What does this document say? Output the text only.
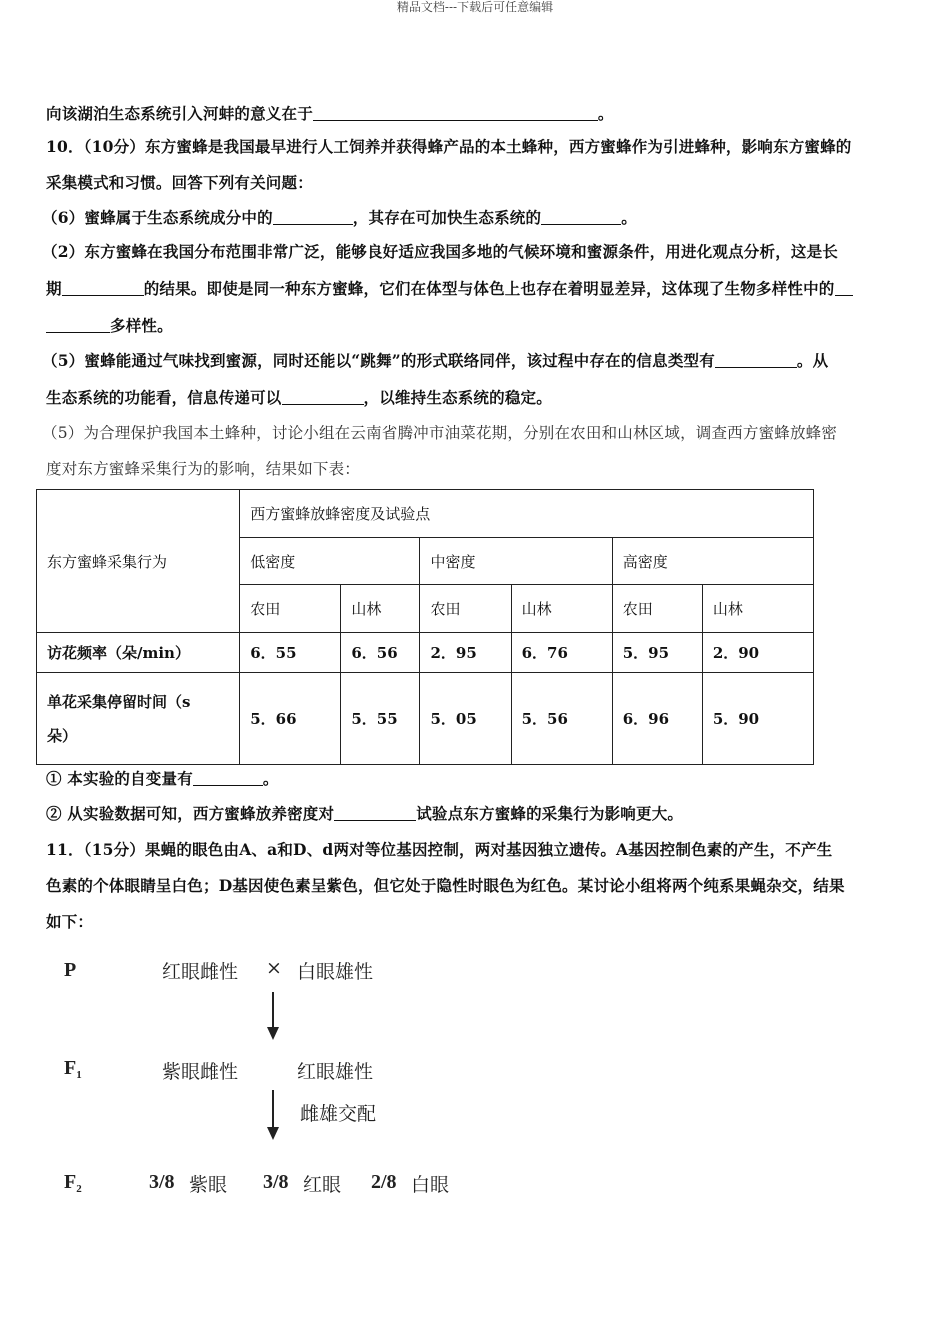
精品文档---下载后可任意编辑
向该湖泊生态系统引入河蚌的意义在于	。
10．（10分）东方蜜蜂是我国最早进行人工饲养并获得蜂产品的本土蜂种，西方蜜蜂作为引进蜂种，影响东方蜜蜂的
采集模式和习惯。回答下列有关问题：
（6）蜜蜂属于生态系统成分中的	，其存在可加快生态系统的	。
（2）东方蜜蜂在我国分布范围非常广泛，能够良好适应我国多地的气候环境和蜜源条件，用进化观点分析，这是长
期	的结果。即使是同一种东方蜜蜂，它们在体型与体色上也存在着明显差异，这体现了生物多样性中的
多样性。
（5）蜜蜂能通过气味找到蜜源，同时还能以“跳舞”的形式联络同伴，该过程中存在的信息类型有	。从
生态系统的功能看，信息传递可以	，以维持生态系统的稳定。
（5）为合理保护我国本土蜂种，讨论小组在云南省腾冲市油菜花期，分别在农田和山林区域，调查西方蜜蜂放蜂密
度对东方蜜蜂采集行为的影响，结果如下表：
东方蜜蜂采集行为	西方蜜蜂放蜂密度及试验点					
	低密度		中密度		高密度	
	农田	山林	农田	山林	农田	山林
访花频率（朵/min）	6．55	6．56	2．95	6．76	5．95	2．90
单花采集停留时间（s
朵）	5．66	5．55	5．05	5．56	6．96	5．90
① 本实验的自变量有	。
② 从实验数据可知，西方蜜蜂放养密度对	试验点东方蜜蜂的采集行为影响更大。
11．（15分）果蝇的眼色由A、a和D、d两对等位基因控制，两对基因独立遗传。A基因控制色素的产生，不产生
色素的个体眼睛呈白色；D基因使色素呈紫色，但它处于隐性时眼色为红色。某讨论小组将两个纯系果蝇杂交，结果
如下：
P	红眼雌性 × 白眼雄性
$F_1$	紫眼雌性	红眼雄性
雌雄交配
$F_2$	3/8 紫眼 3/8 红眼 2/8 白眼
